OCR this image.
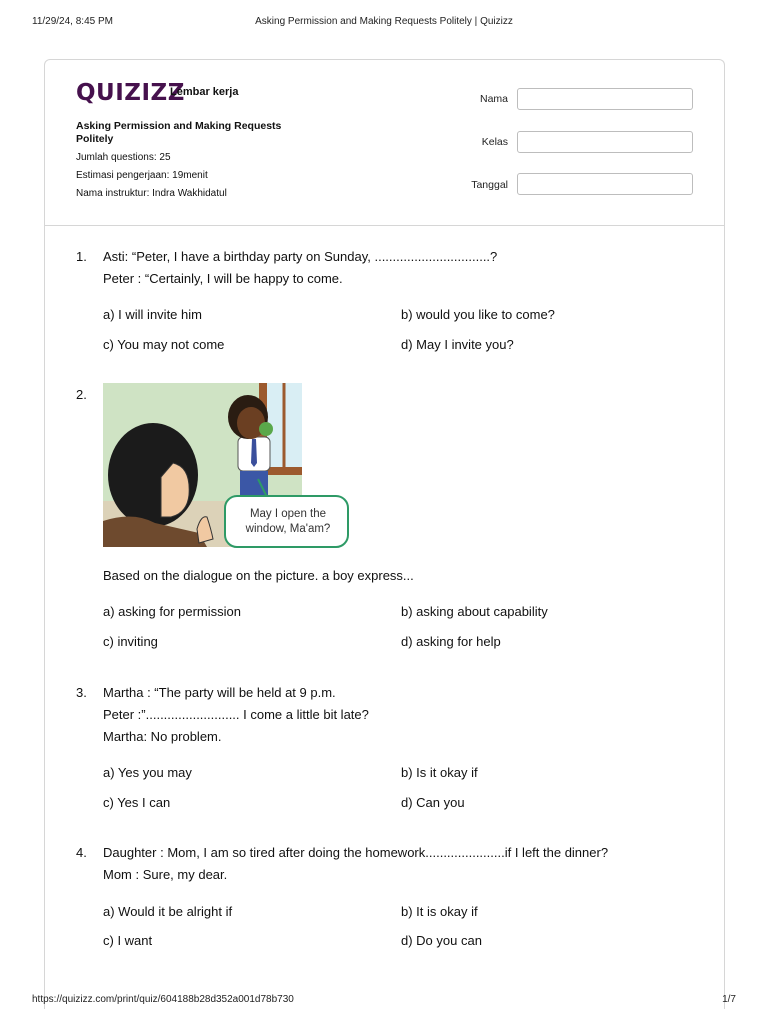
11/29/24, 8:45 PM	Asking Permission and Making Requests Politely | Quizizz
QUIZIZZ
Lembar kerja
Asking Permission and Making Requests Politely
Jumlah questions: 25
Estimasi pengerjaan: 19menit
Nama instruktur: Indra Wakhidatul
Nama
Kelas
Tanggal
1. Asti: “Peter, I have a birthday party on Sunday, ................................?
Peter : “Certainly, I will be happy to come.
a) I will invite him	b) would you like to come?
c) You may not come	d) May I invite you?
2.
May I open the
window, Ma'am?
Based on the dialogue on the picture. a boy express...
a) asking for permission	b) asking about capability
c) inviting	d) asking for help
3. Martha : “The party will be held at 9 p.m.
Peter :”.......................... I come a little bit late?
Martha: No problem.
a) Yes you may	b) Is it okay if
c) Yes I can	d) Can you
4. Daughter : Mom, I am so tired after doing the homework......................if I left the dinner?
Mom : Sure, my dear.
a) Would it be alright if	b) It is okay if
c) I want	d) Do you can
https://quizizz.com/print/quiz/604188b28d352a001d78b730	1/7
